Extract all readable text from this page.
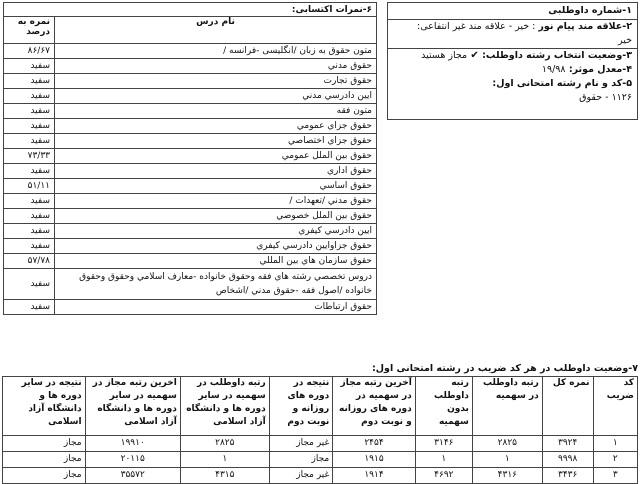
۱-شماره داوطلبی
۲-علاقه مند پیام نور : خیر - علاقه مند غیر انتفاعی:
خیر
۳-وضعیت انتخاب رشته داوطلب: ✔ مجاز هستید
۴-معدل موثر: ۱۹/۹۸
۵-کد و نام رشته امتحانی اول:
۱۱۲۶ - حقوق
۶-نمرات اکتسابی:	
نام درس	نمره به درصد
متون حقوق به زبان /انگلیسی -فرانسه /	۸۶/۶۷
حقوق مدني	سفيد
حقوق تجارت	سفيد
ايين دادرسي مدني	سفيد
متون فقه	سفيد
حقوق جزاي عمومي	سفيد
حقوق جزاي اختصاصي	سفيد
حقوق بين الملل عمومي	۷۳/۳۳
حقوق اداري	سفيد
حقوق اساسي	۵۱/۱۱
حقوق مدني /تعهدات /	سفيد
حقوق بين الملل خصوصي	سفيد
ايين دادرسي كيفري	سفيد
حقوق جزاوايين دادرسي كيفري	سفيد
حقوق سازمان هاي بين المللي	۵۷/۷۸
دروس تخصصي رشته هاي فقه وحقوق خانواده -معارف اسلامي وحقوق وحقوق خانواده /اصول فقه -حقوق مدني /اشخاص	سفيد
حقوق ارتباطات	سفيد
۷-وضعیت داوطلب در هر کد ضریب در رشته امتحانی اول:
کد ضریب	نمره کل	رتبه داوطلب در سهمیه	رتبه داوطلب بدون سهمیه	آخرین رتبه مجاز در سهمیه در دوره های روزانه و نوبت دوم	نتیجه در دوره های روزانه و نوبت دوم	رتبه داوطلب در سهمیه در سایر دوره ها و دانشگاه آزاد اسلامی	اخرین رتبه مجاز در سهمیه در سایر دوره ها و دانشگاه آزاد اسلامی	نتیجه در سایر دوره ها و دانشگاه آزاد اسلامی
۱	۳۹۲۴	۲۸۲۵	۳۱۴۶	۲۴۵۴	غیر مجاز	۲۸۲۵	۱۹۹۱۰	مجاز
۲	۹۹۹۸	۱	۱	۱۹۱۵	مجاز	۱	۲۰۱۱۵	مجاز
۳	۳۴۳۶	۴۳۱۶	۴۶۹۲	۱۹۱۴	غیر مجاز	۴۳۱۵	۳۵۵۷۲	مجاز
